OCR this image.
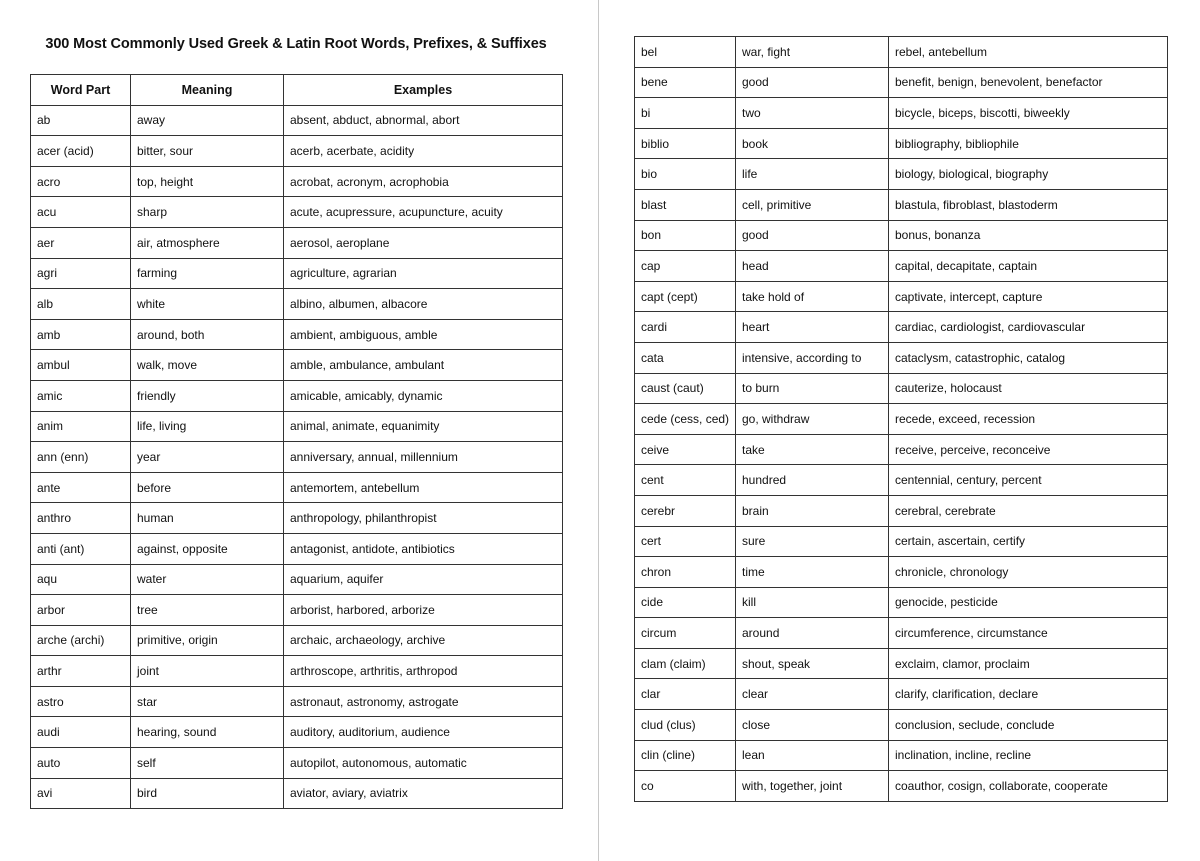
300 Most Commonly Used Greek & Latin Root Words, Prefixes, & Suffixes
Word Part	Meaning	Examples
ab	away	absent, abduct, abnormal, abort
acer (acid)	bitter, sour	acerb, acerbate, acidity
acro	top, height	acrobat, acronym, acrophobia
acu	sharp	acute, acupressure, acupuncture, acuity
aer	air, atmosphere	aerosol, aeroplane
agri	farming	agriculture, agrarian
alb	white	albino, albumen, albacore
amb	around, both	ambient, ambiguous, amble
ambul	walk, move	amble, ambulance, ambulant
amic	friendly	amicable, amicably, dynamic
anim	life, living	animal, animate, equanimity
ann (enn)	year	anniversary, annual, millennium
ante	before	antemortem, antebellum
anthro	human	anthropology, philanthropist
anti (ant)	against, opposite	antagonist, antidote, antibiotics
aqu	water	aquarium, aquifer
arbor	tree	arborist, harbored, arborize
arche (archi)	primitive, origin	archaic, archaeology, archive
arthr	joint	arthroscope, arthritis, arthropod
astro	star	astronaut, astronomy, astrogate
audi	hearing, sound	auditory, auditorium, audience
auto	self	autopilot, autonomous, automatic
avi	bird	aviator, aviary, aviatrix
bel	war, fight	rebel, antebellum
bene	good	benefit, benign, benevolent, benefactor
bi	two	bicycle, biceps, biscotti, biweekly
biblio	book	bibliography, bibliophile
bio	life	biology, biological, biography
blast	cell, primitive	blastula, fibroblast, blastoderm
bon	good	bonus, bonanza
cap	head	capital, decapitate, captain
capt (cept)	take hold of	captivate, intercept, capture
cardi	heart	cardiac, cardiologist, cardiovascular
cata	intensive, according to	cataclysm, catastrophic, catalog
caust (caut)	to burn	cauterize, holocaust
cede (cess, ced)	go, withdraw	recede, exceed, recession
ceive	take	receive, perceive, reconceive
cent	hundred	centennial, century, percent
cerebr	brain	cerebral, cerebrate
cert	sure	certain, ascertain, certify
chron	time	chronicle, chronology
cide	kill	genocide, pesticide
circum	around	circumference, circumstance
clam (claim)	shout, speak	exclaim, clamor, proclaim
clar	clear	clarify, clarification, declare
clud (clus)	close	conclusion, seclude, conclude
clin (cline)	lean	inclination, incline, recline
co	with, together, joint	coauthor, cosign, collaborate, cooperate
